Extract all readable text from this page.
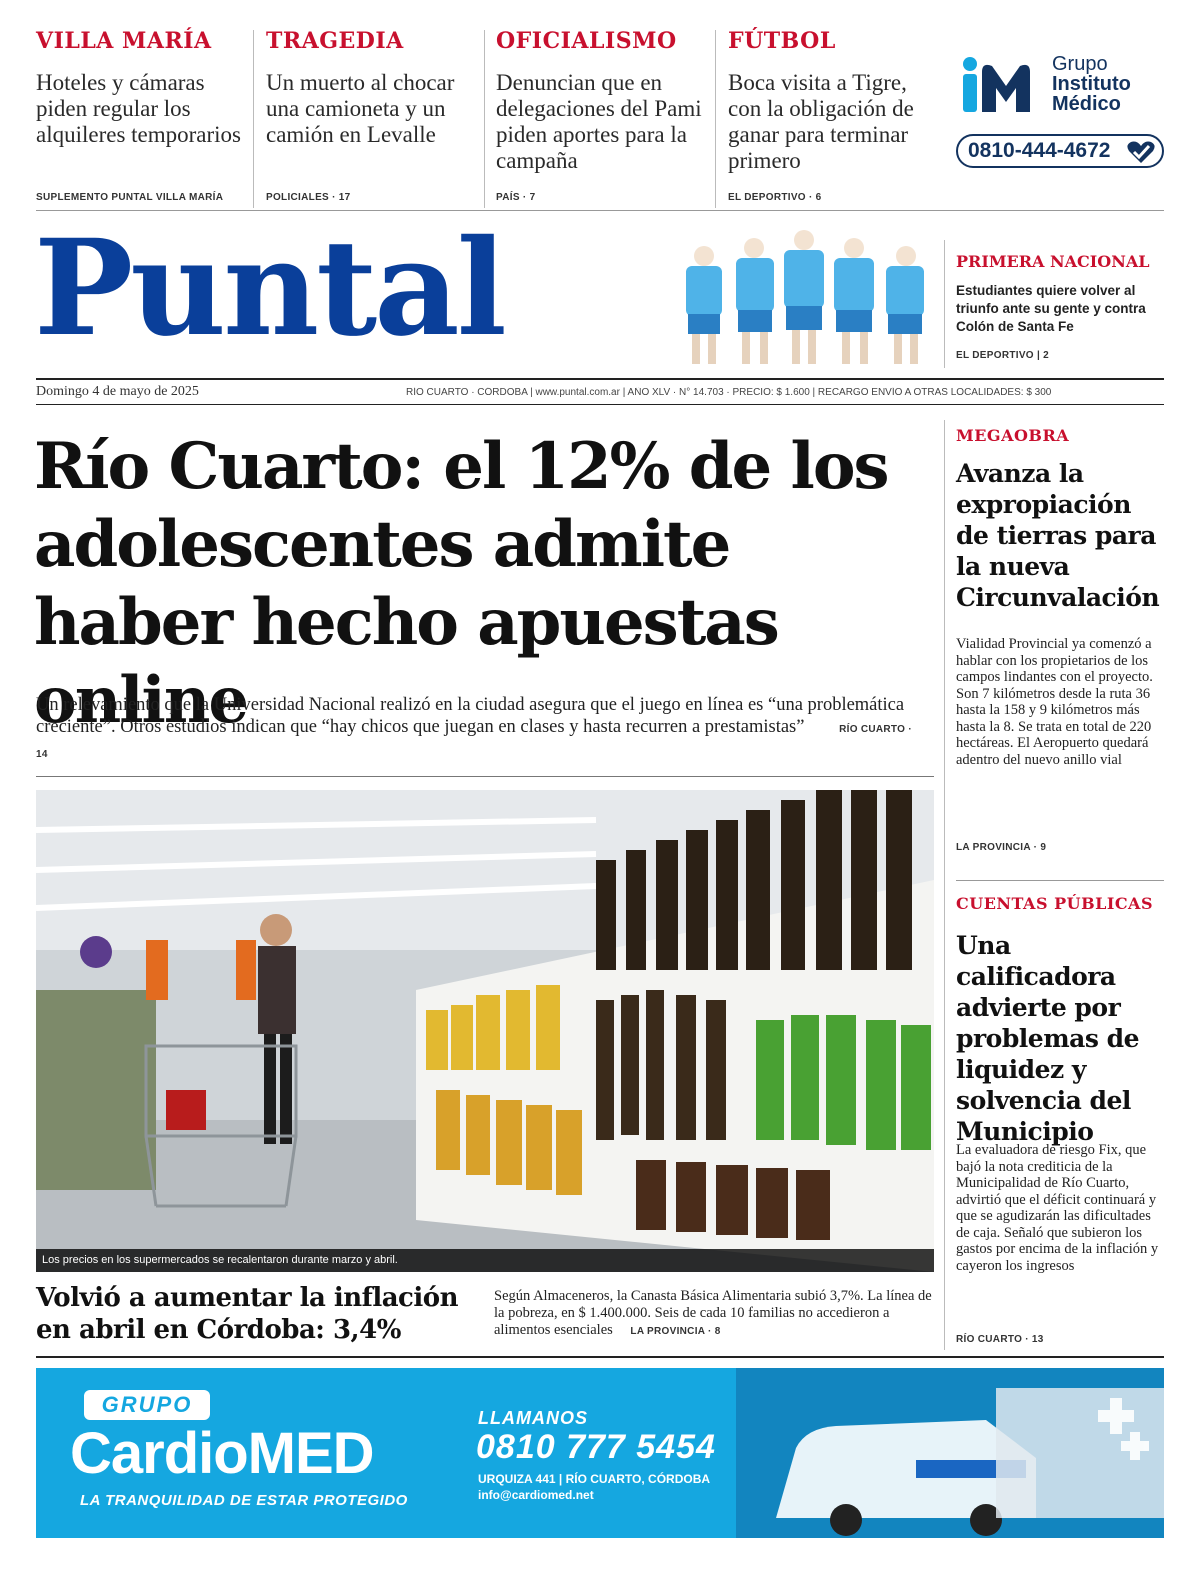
VILLA MARÍA
Hoteles y cámaras piden regular los alquileres temporarios
SUPLEMENTO PUNTAL VILLA MARÍA
TRAGEDIA
Un muerto al chocar una camioneta y un camión en Levalle
POLICIALES · 17
OFICIALISMO
Denuncian que en delegaciones del Pami piden aportes para la campaña
PAÍS · 7
FÚTBOL
Boca visita a Tigre, con la obligación de ganar para terminar primero
EL DEPORTIVO · 6
Grupo
Instituto
Médico
0810-444-4672
Puntal	PRIMERA NACIONAL
Estudiantes quiere volver al triunfo ante su gente y contra Colón de Santa Fe
EL DEPORTIVO | 2
Domingo 4 de mayo de 2025	RÍO CUARTO · CÓRDOBA | www.puntal.com.ar | AÑO XLV · N° 14.703 · PRECIO: $ 1.600 | RECARGO ENVÍO A OTRAS LOCALIDADES: $ 300
Río Cuarto: el 12% de los adolescentes admite haber hecho apuestas online
Un relevamiento que la Universidad Nacional realizó en la ciudad asegura que el juego en línea es “una problemática creciente”. Otros estudios indican que “hay chicos que juegan en clases y hasta recurren a prestamistas”	RÍO CUARTO · 14
Los precios en los supermercados se recalentaron durante marzo y abril.
Volvió a aumentar la inflación en abril en Córdoba: 3,4%
Según Almaceneros, la Canasta Básica Alimentaria subió 3,7%. La línea de la pobreza, en $ 1.400.000. Seis de cada 10 familias no accedieron a alimentos esenciales LA PROVINCIA · 8
MEGAOBRA
Avanza la expropiación de tierras para la nueva Circunvalación
Vialidad Provincial ya comenzó a hablar con los propietarios de los campos lindantes con el proyecto. Son 7 kilómetros desde la ruta 36 hasta la 158 y 9 kilómetros más hasta la 8. Se trata en total de 220 hectáreas. El Aeropuerto quedará adentro del nuevo anillo vial
LA PROVINCIA · 9
CUENTAS PÚBLICAS
Una calificadora advierte por problemas de liquidez y solvencia del Municipio
La evaluadora de riesgo Fix, que bajó la nota crediticia de la Municipalidad de Río Cuarto, advirtió que el déficit continuará y que se agudizarán las dificultades de caja. Señaló que subieron los gastos por encima de la inflación y cayeron los ingresos
RÍO CUARTO · 13
GRUPO
CardioMED
LA TRANQUILIDAD DE ESTAR PROTEGIDO
LLAMANOS
0810 777 5454
URQUIZA 441 | RÍO CUARTO, CÓRDOBA
info@cardiomed.net
